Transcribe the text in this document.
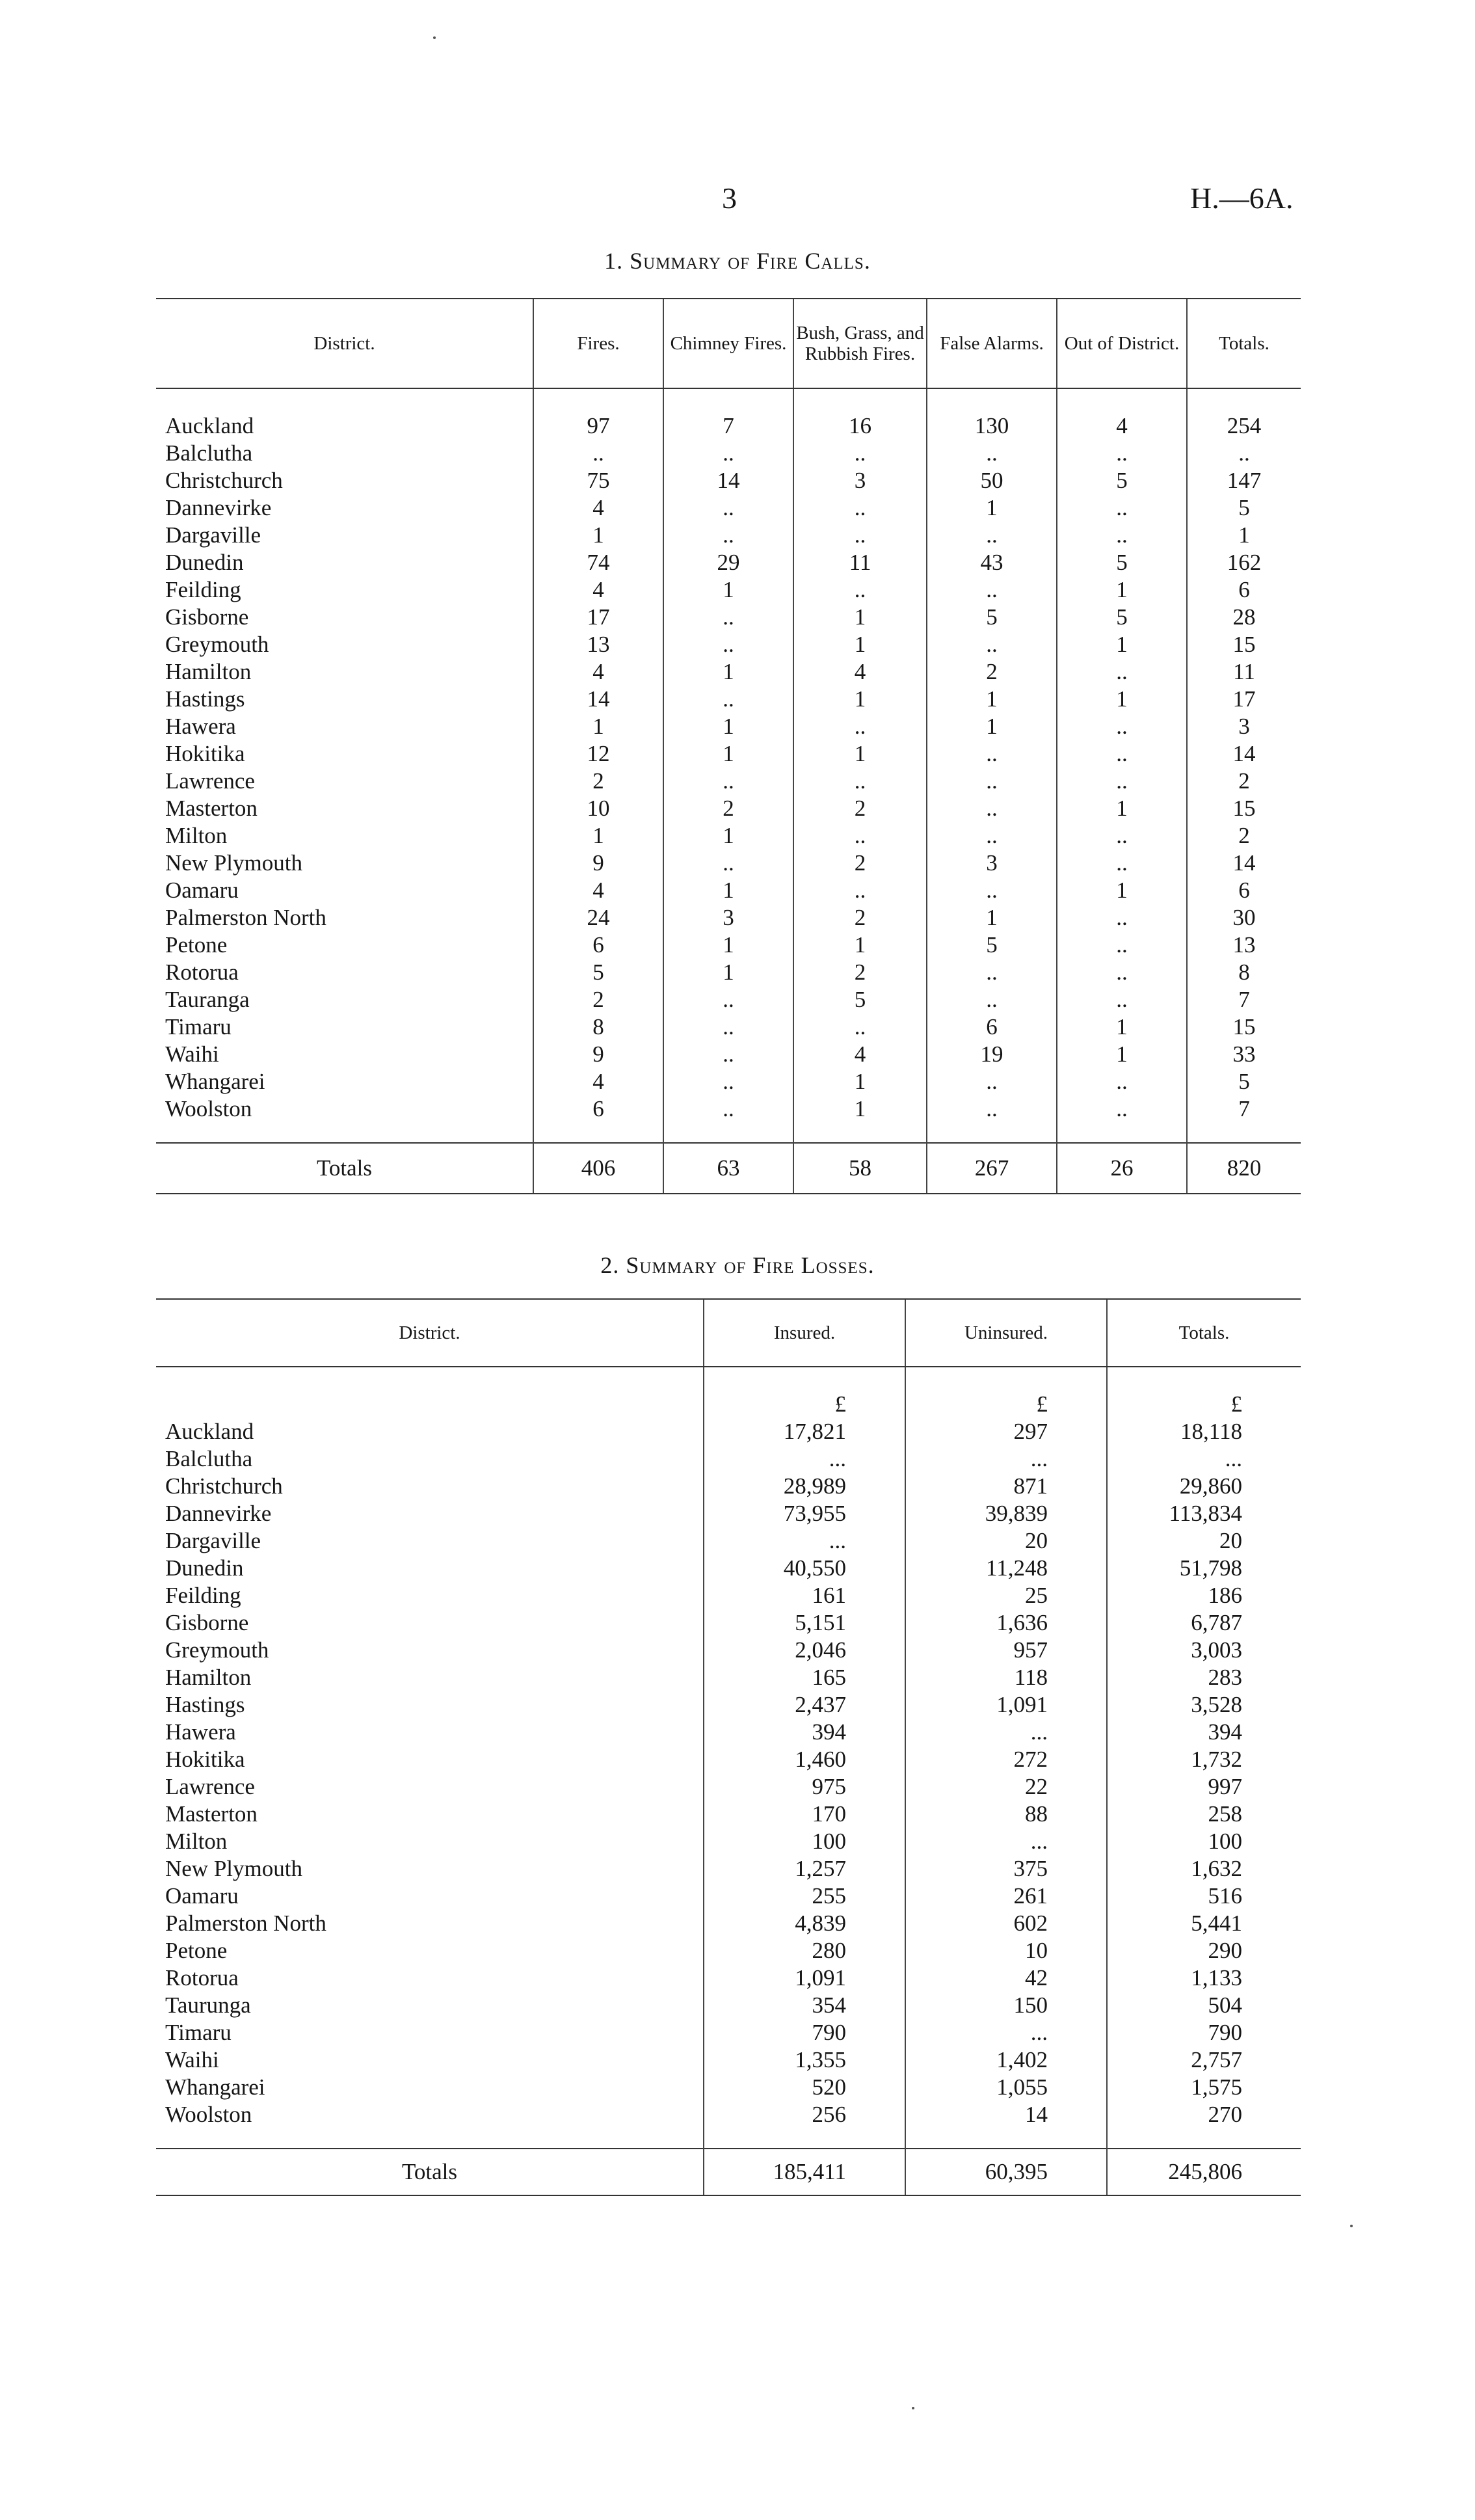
3	H.—6A.
1. Summary of Fire Calls.
District.	Fires.	Chimney Fires.	Bush, Grass, and Rubbish Fires.	False Alarms.	Out of District.	Totals.

Auckland	97	7	16	130	4	254
Balclutha	..	..	..	..	..	..
Christchurch	75	14	3	50	5	147
Dannevirke	4	..	..	1	..	5
Dargaville	1	..	..	..	..	1
Dunedin	74	29	11	43	5	162
Feilding	4	1	..	..	1	6
Gisborne	17	..	1	5	5	28
Greymouth	13	..	1	..	1	15
Hamilton	4	1	4	2	..	11
Hastings	14	..	1	1	1	17
Hawera	1	1	..	1	..	3
Hokitika	12	1	1	..	..	14
Lawrence	2	..	..	..	..	2
Masterton	10	2	2	..	1	15
Milton	1	1	..	..	..	2
New Plymouth	9	..	2	3	..	14
Oamaru	4	1	..	..	1	6
Palmerston North	24	3	2	1	..	30
Petone	6	1	1	5	..	13
Rotorua	5	1	2	..	..	8
Tauranga	2	..	5	..	..	7
Timaru	8	..	..	6	1	15
Waihi	9	..	4	19	1	33
Whangarei	4	..	1	..	..	5
Woolston	6	..	1	..	..	7

Totals	406	63	58	267	26	820
2. Summary of Fire Losses.
District.	Insured.	Uninsured.	Totals.

	£	£	£
Auckland	17,821	297	18,118
Balclutha	...	...	...
Christchurch	28,989	871	29,860
Dannevirke	73,955	39,839	113,834
Dargaville	...	20	20
Dunedin	40,550	11,248	51,798
Feilding	161	25	186
Gisborne	5,151	1,636	6,787
Greymouth	2,046	957	3,003
Hamilton	165	118	283
Hastings	2,437	1,091	3,528
Hawera	394	...	394
Hokitika	1,460	272	1,732
Lawrence	975	22	997
Masterton	170	88	258
Milton	100	...	100
New Plymouth	1,257	375	1,632
Oamaru	255	261	516
Palmerston North	4,839	602	5,441
Petone	280	10	290
Rotorua	1,091	42	1,133
Taurunga	354	150	504
Timaru	790	...	790
Waihi	1,355	1,402	2,757
Whangarei	520	1,055	1,575
Woolston	256	14	270

Totals	185,411	60,395	245,806
